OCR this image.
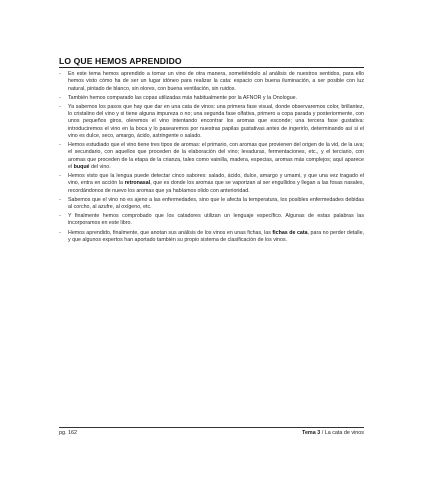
LO QUE HEMOS APRENDIDO
- En este tema hemos aprendido a tomar un vino de otra manera, sometiéndolo al análisis de nuestros sentidos, para ello hemos visto cómo ha de ser un lugar idóneo para realizar la cata: espacio con buena iluminación, a ser posible con luz natural, pintado de blanco, sin olores, con buena ventilación, sin ruidos.
- También hemos comparado las copas utilizadas más habitualmente por la AFNOR y la Onologue.
- Ya sabemos los pasos que hay que dar en una cata de vinos: una primera fase visual, donde observaremos color, brillantez, lo cristalino del vino y si tiene alguna impureza o no; una segunda fase olfativa, primero a copa parada y posteriormente, con unos pequeños giros, oleremos el vino intentando encontrar los aromas que esconde; una tercera fase gustativa: introduciremos el vino en la boca y lo pasearemos por nuestras papilas gustativas antes de ingerirlo, determinando así si el vino es dulce, seco, amargo, ácido, astringente o salado.
- Hemos estudiado que el vino tiene tres tipos de aromas: el primario, con aromas que provienen del origen de la vid, de la uva; el secundario, con aquellos que proceden de la elaboración del vino; levaduras, fermentaciones, etc., y el terciario, con aromas que proceden de la etapa de la crianza, tales como vainilla, madera, especias, aromas más complejos; aquí aparece el buqué del vino.
- Hemos visto que la lengua puede detectar cinco sabores: salado, ácido, dulce, amargo y umami, y que una vez tragado el vino, entra en acción la retronasal, que es donde los aromas que se vaporizan al ser engullidos y llegan a las fosas nasales, recordándonos de nuevo los aromas que ya habíamos olido con anterioridad.
- Sabemos que el vino no es ajeno a las enfermedades, sino que le afecta la temperatura, los posibles enfermedades debidas al corcho, al azufre, al oxígeno, etc.
- Y finalmente hemos comprobado que los catadores utilizan un lenguaje específico. Algunas de estas palabras las incorporamos en este libro.
- Hemos aprendido, finalmente, que anotan sus análisis de los vinos en unas fichas, las fichas de cata, para no perder detalle, y que algunos expertos han aportado también su propio sistema de clasificación de los vinos.
pg. 162	Tema 3 / La cata de vinos
